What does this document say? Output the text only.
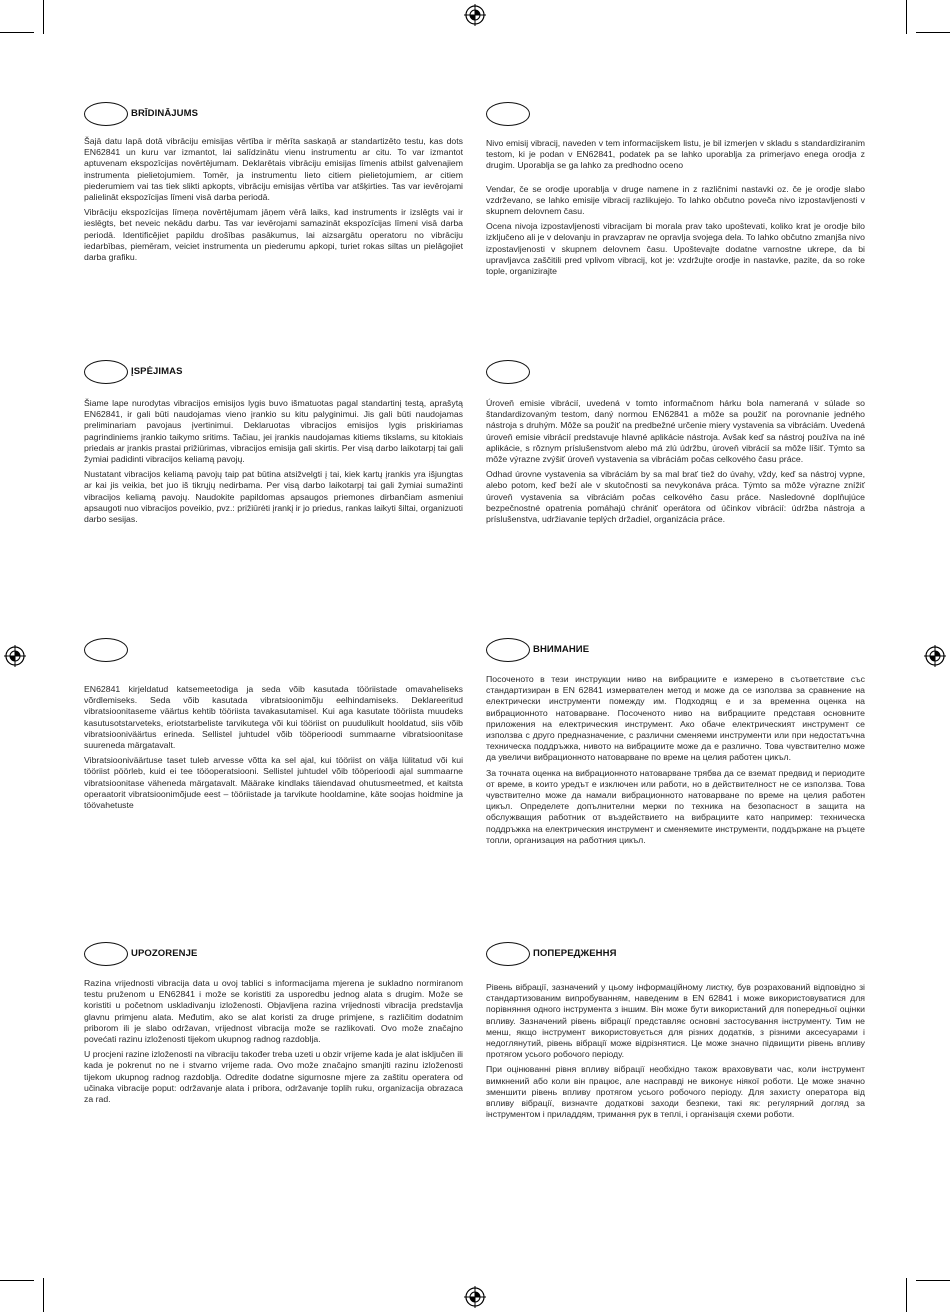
BRĪDINĀJUMS

Šajā datu lapā dotā vibrāciju emisijas vērtība ir mērīta saskaņā ar standartizēto testu, kas dots EN62841 un kuru var izmantot, lai salīdzinātu vienu instrumentu ar citu. To var izmantot aptuvenam ekspozīcijas novērtējumam. Deklarētais vibrāciju emisijas līmenis atbilst galvenajiem instrumenta pielietojumiem. Tomēr, ja instrumentu lieto citiem pielietojumiem, ar citiem piederumiem vai tas tiek slikti apkopts, vibrāciju emisijas vērtība var atšķirties. Tas var ievērojami palielināt ekspozīcijas līmeni visā darba periodā.

Vibrāciju ekspozīcijas līmeņa novērtējumam jāņem vērā laiks, kad instruments ir izslēgts vai ir ieslēgts, bet neveic nekādu darbu. Tas var ievērojami samazināt ekspozīcijas līmeni visā darba periodā. Identificējiet papildu drošības pasākumus, lai aizsargātu operatoru no vibrāciju iedarbības, piemēram, veiciet instrumenta un piederumu apkopi, turiet rokas siltas un pielāgojiet darba grafiku.

Nivo emisij vibracij, naveden v tem informacijskem listu, je bil izmerjen v skladu s standardiziranim testom, ki je podan v EN62841, podatek pa se lahko uporablja za primerjavo enega orodja z drugim. Uporablja se ga lahko za predhodno oceno

Vendar, če se orodje uporablja v druge namene in z različnimi nastavki oz. če je orodje slabo vzdrževano, se lahko emisije vibracij razlikujejo. To lahko občutno poveča nivo izpostavljenosti v skupnem delovnem času.

Ocena nivoja izpostavljenosti vibracijam bi morala prav tako upoštevati, koliko krat je orodje bilo izključeno ali je v delovanju in pravzaprav ne opravlja svojega dela. To lahko občutno zmanjša nivo izpostavljenosti v skupnem delovnem času. Upoštevajte dodatne varnostne ukrepe, da bi upravljavca zaščitili pred vplivom vibracij, kot je: vzdržujte orodje in nastavke, pazite, da so roke tople, organizirajte

ĮSPĖJIMAS

Šiame lape nurodytas vibracijos emisijos lygis buvo išmatuotas pagal standartinį testą, aprašytą EN62841, ir gali būti naudojamas vieno įrankio su kitu palyginimui. Jis gali būti naudojamas preliminariam pavojaus įvertinimui. Deklaruotas vibracijos emisijos lygis priskiriamas pagrindiniems įrankio taikymo sritims. Tačiau, jei įrankis naudojamas kitiems tikslams, su kitokiais priedais ar įrankis prastai prižiūrimas, vibracijos emisija gali skirtis. Per visą darbo laikotarpį tai gali žymiai padidinti vibracijos keliamą pavojų.

Nustatant vibracijos keliamą pavojų taip pat būtina atsižvelgti į tai, kiek kartų įrankis yra išjungtas ar kai jis veikia, bet juo iš tikrųjų nedirbama. Per visą darbo laikotarpį tai gali žymiai sumažinti vibracijos keliamą pavojų. Naudokite papildomas apsaugos priemones dirbančiam asmeniui apsaugoti nuo vibracijos poveikio, pvz.: prižiūrėti įrankį ir jo priedus, rankas laikyti šiltai, organizuoti darbo sesijas.

Úroveň emisie vibrácií, uvedená v tomto informačnom hárku bola nameraná v súlade so štandardizovaným testom, daný normou EN62841 a môže sa použiť na porovnanie jedného nástroja s druhým. Môže sa použiť na predbežné určenie miery vystavenia sa vibráciám. Uvedená úroveň emisie vibrácií predstavuje hlavné aplikácie nástroja. Avšak keď sa nástroj používa na iné aplikácie, s rôznym príslušenstvom alebo má zlú údržbu, úroveň vibrácií sa môže líšiť. Týmto sa môže výrazne zvýšiť úroveň vystavenia sa vibráciám počas celkového času práce.

Odhad úrovne vystavenia sa vibráciám by sa mal brať tiež do úvahy, vždy, keď sa nástroj vypne, alebo potom, keď beží ale v skutočnosti sa nevykonáva práca. Týmto sa môže výrazne znížiť úroveň vystavenia sa vibráciám počas celkového času práce. Nasledovné doplňujúce bezpečnostné opatrenia pomáhajú chrániť operátora od účinkov vibrácií: údržba nástroja a príslušenstva, udržiavanie teplých držadiel, organizácia práce.

EN62841 kirjeldatud katsemeetodiga ja seda võib kasutada tööriistade omavaheliseks võrdlemiseks. Seda võib kasutada vibratsioonimõju eelhindamiseks. Deklareeritud vibratsioonitaseme väärtus kehtib tööriista tavakasutamisel. Kui aga kasutate tööriista muudeks kasutusotstarveteks, eriotstarbeliste tarvikutega või kui tööriist on puudulikult hooldatud, siis võib vibratsiooniväärtus erineda. Sellistel juhtudel võib tööperioodi summaarne vibratsioonitase suureneda märgatavalt.

Vibratsiooniväärtuse taset tuleb arvesse võtta ka sel ajal, kui tööriist on välja lülitatud või kui tööriist pöörleb, kuid ei tee tööoperatsiooni. Sellistel juhtudel võib tööperioodi ajal summaarne vibratsioonitase väheneda märgatavalt. Määrake kindlaks täiendavad ohutusmeetmed, et kaitsta operaatorit vibratsioonimõjude eest – tööriistade ja tarvikute hooldamine, käte soojas hoidmine ja töövahetuste

ВНИМАНИЕ

Посоченото в тези инструкции ниво на вибрациите е измерено в съответствие със стандартизиран в EN 62841 измервателен метод и може да се използва за сравнение на електрически инструменти помежду им. Подходящ е и за временна оценка на вибрационното натоварване. Посоченото ниво на вибрациите представя основните приложения на електрическия инструмент. Ако обаче електрическият инструмент се използва с друго предназначение, с различни сменяеми инструменти или при недостатъчна техническа поддръжка, нивото на вибрациите може да е различно. Това чувствително може да увеличи вибрационното натоварване по време на целия работен цикъл.

За точната оценка на вибрационното натоварване трябва да се вземат предвид и периодите от време, в които уредът е изключен или работи, но в действителност не се използва. Това чувствително може да намали вибрационното натоварване по време на целия работен цикъл. Определете допълнителни мерки по техника на безопасност в защита на обслужващия работник от въздействието на вибрациите като например: техническа поддръжка на електрическия инструмент и сменяемите инструменти, поддържане на ръцете топли, организация на работния цикъл.

UPOZORENJE

Razina vrijednosti vibracija data u ovoj tablici s informacijama mjerena je sukladno normiranom testu pruženom u EN62841 i može se koristiti za usporedbu jednog alata s drugim. Može se koristiti u početnom uskladivanju izloženosti. Objavljena razina vrijednosti vibracija predstavlja glavnu primjenu alata. Međutim, ako se alat koristi za druge primjene, s različitim dodatnim priborom ili je slabo održavan, vrijednost vibracija može se razlikovati. Ovo može značajno povećati razinu izloženosti tijekom ukupnog radnog razdoblja.

U procjeni razine izloženosti na vibraciju također treba uzeti u obzir vrijeme kada je alat isključen ili kada je pokrenut no ne i stvarno vrijeme rada. Ovo može značajno smanjiti razinu izloženosti tijekom ukupnog radnog razdoblja. Odredite dodatne sigurnosne mjere za zaštitu operatera od učinaka vibracije poput: održavanje alata i pribora, održavanje toplih ruku, organizacija obrazaca za rad.

ПОПЕРЕДЖЕННЯ

Рівень вібрації, зазначений у цьому інформаційному листку, був розрахований відповідно зі стандартизованим випробуванням, наведеним в EN 62841 і може використовуватися для порівняння одного інструмента з іншим. Він може бути використаний для попередньої оцінки впливу. Зазначений рівень вібрації представляє основні застосування інструменту. Тим не менш, якщо інструмент використовується для різних додатків, з різними аксесуарами і недоглянутий, рівень вібрації може відрізнятися. Це може значно підвищити рівень впливу протягом усього робочого періоду.

При оцінюванні рівня впливу вібрації необхідно також враховувати час, коли інструмент вимкнений або коли він працює, але насправді не виконує ніякої роботи. Це може значно зменшити рівень впливу протягом усього робочого періоду. Для захисту оператора від впливу вібрації, визначте додаткові заходи безпеки, такі як: регулярний догляд за інструментом і приладдям, тримання рук в теплі, і організація схеми роботи.
